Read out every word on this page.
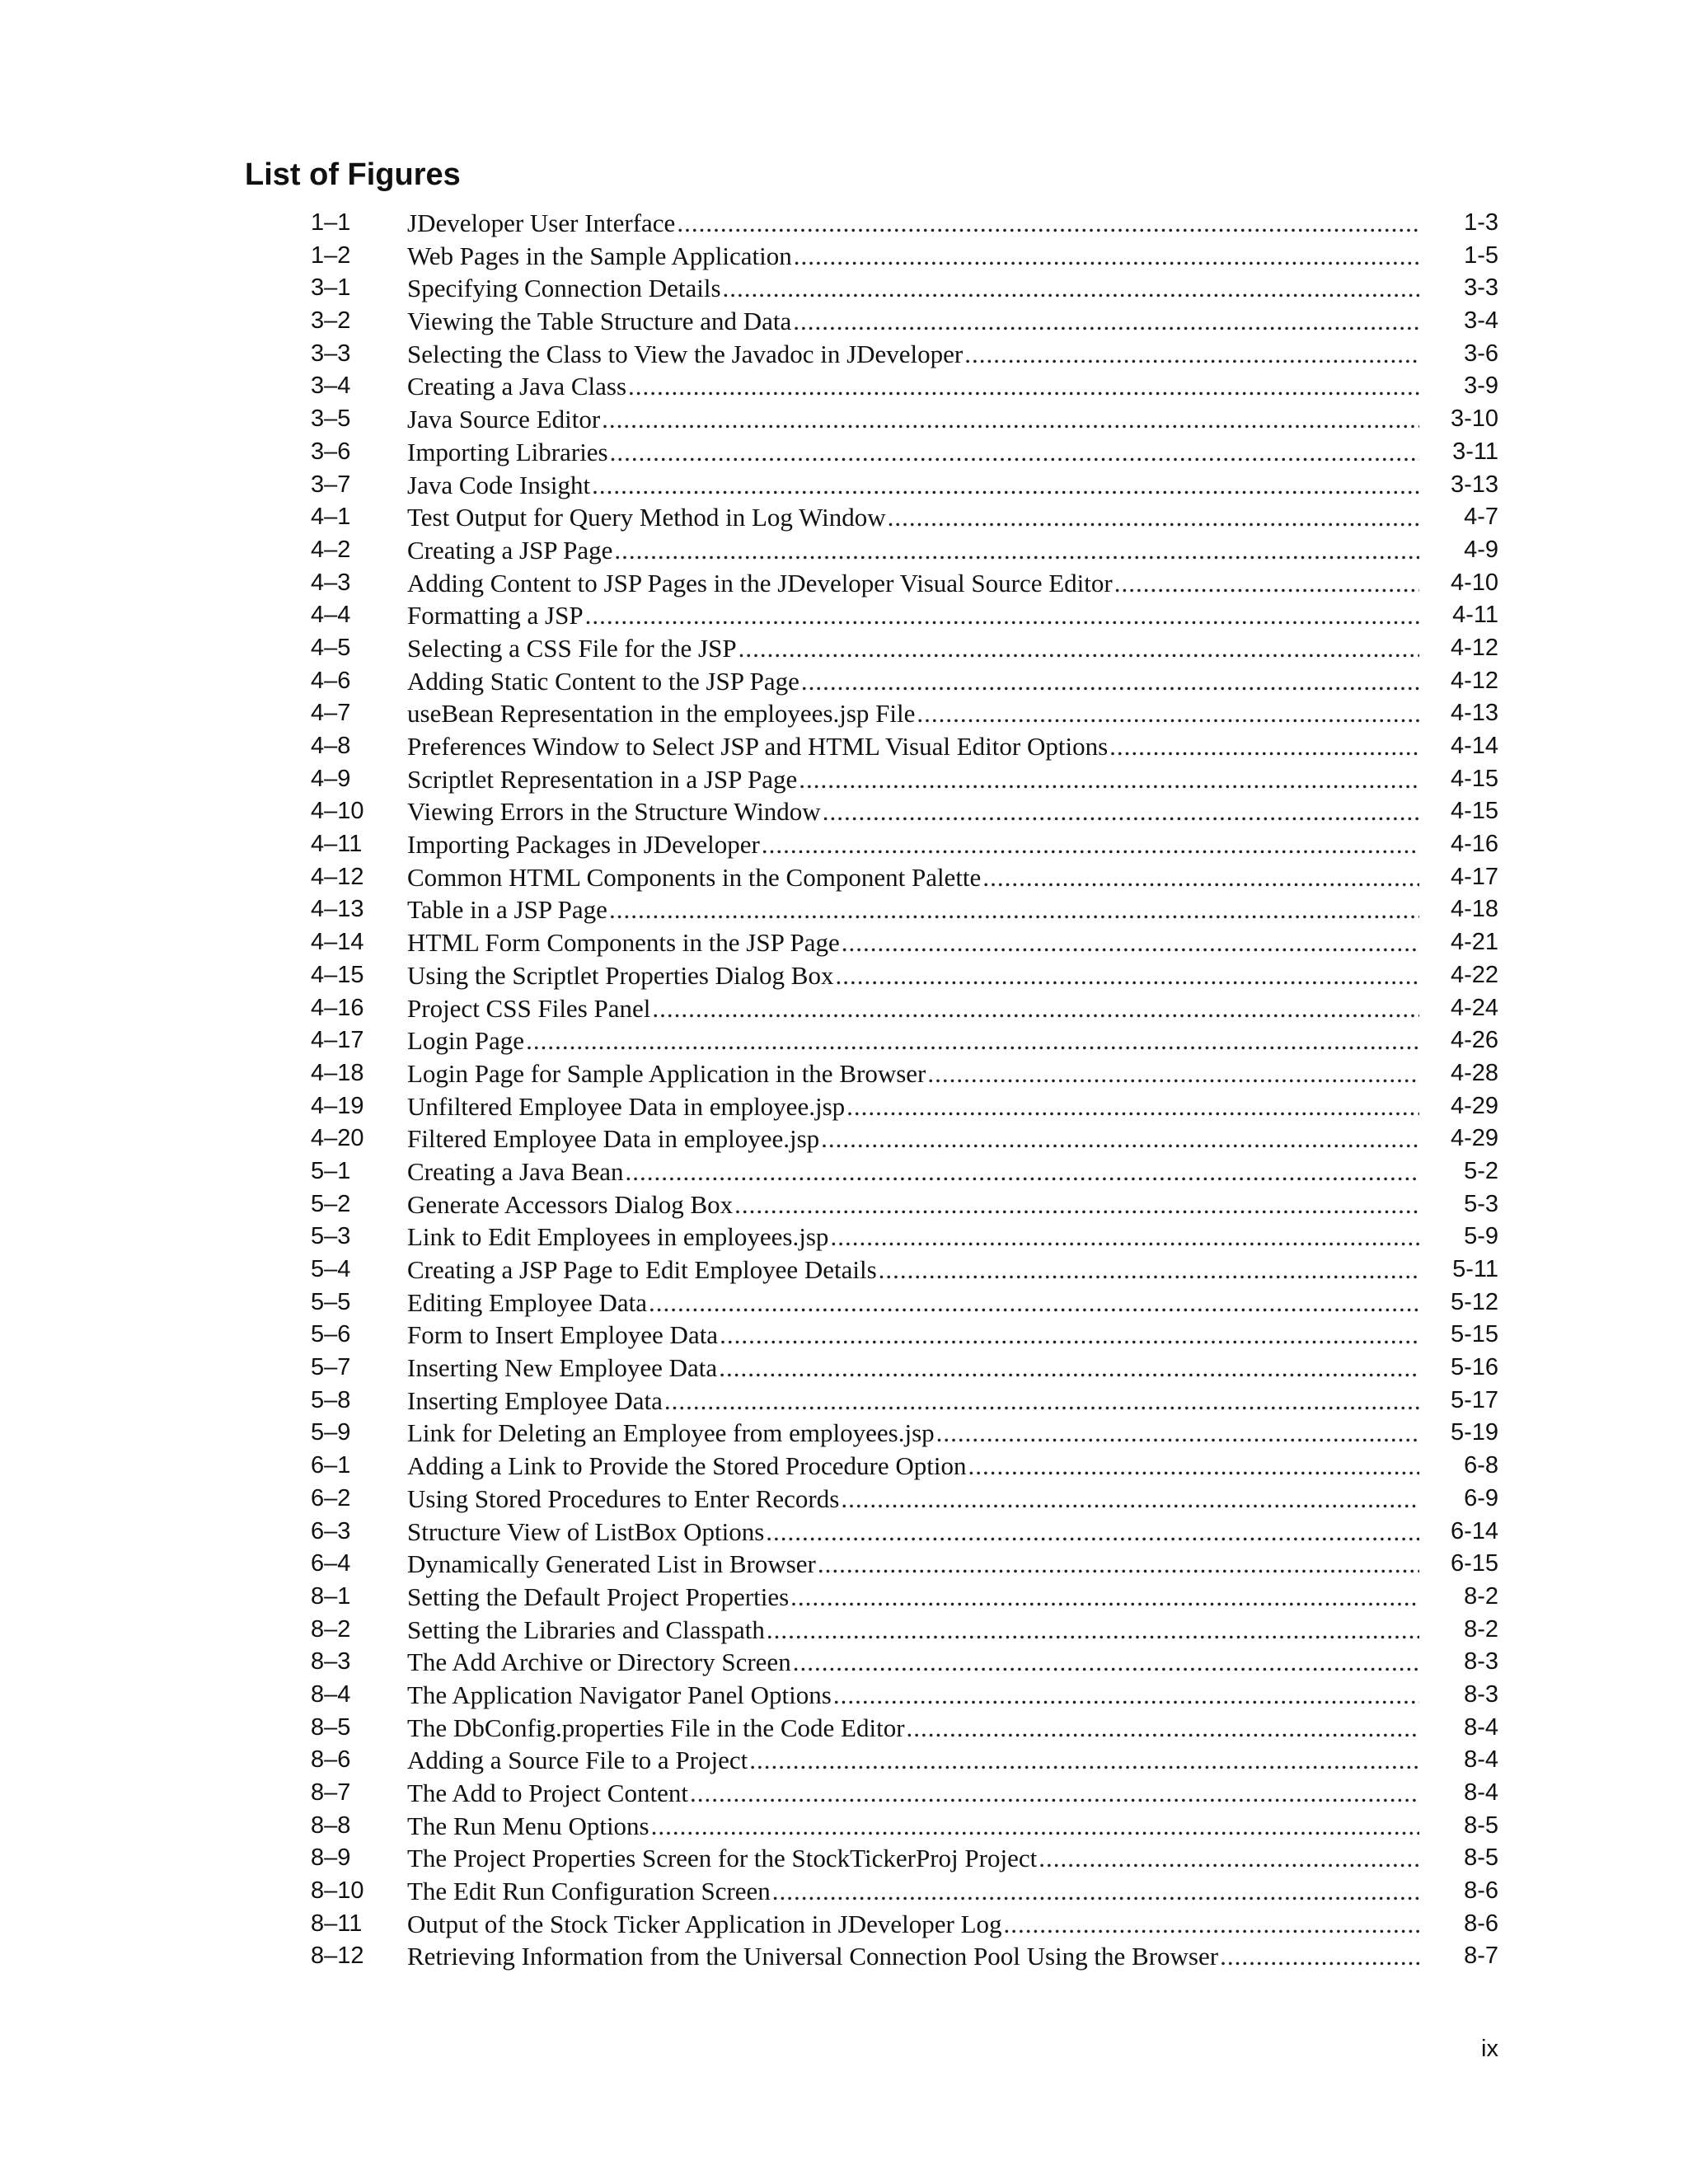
List of Figures
1–1	JDeveloper User Interface .....	1-3
1–2	Web Pages in the Sample Application .....	1-5
3–1	Specifying Connection Details .....	3-3
3–2	Viewing the Table Structure and Data .....	3-4
3–3	Selecting the Class to View the Javadoc in JDeveloper .....	3-6
3–4	Creating a Java Class .....	3-9
3–5	Java Source Editor .....	3-10
3–6	Importing Libraries .....	3-11
3–7	Java Code Insight .....	3-13
4–1	Test Output for Query Method in Log Window .....	4-7
4–2	Creating a JSP Page .....	4-9
4–3	Adding Content to JSP Pages in the JDeveloper Visual Source Editor .....	4-10
4–4	Formatting a JSP .....	4-11
4–5	Selecting a CSS File for the JSP .....	4-12
4–6	Adding Static Content to the JSP Page .....	4-12
4–7	useBean Representation in the employees.jsp File .....	4-13
4–8	Preferences Window to Select JSP and HTML Visual Editor Options .....	4-14
4–9	Scriptlet Representation in a JSP Page .....	4-15
4–10	Viewing Errors in the Structure Window .....	4-15
4–11	Importing Packages in JDeveloper .....	4-16
4–12	Common HTML Components in the Component Palette .....	4-17
4–13	Table in a JSP Page .....	4-18
4–14	HTML Form Components in the JSP Page .....	4-21
4–15	Using the Scriptlet Properties Dialog Box .....	4-22
4–16	Project CSS Files Panel .....	4-24
4–17	Login Page .....	4-26
4–18	Login Page for Sample Application in the Browser .....	4-28
4–19	Unfiltered Employee Data in employee.jsp .....	4-29
4–20	Filtered Employee Data in employee.jsp .....	4-29
5–1	Creating a Java Bean .....	5-2
5–2	Generate Accessors Dialog Box .....	5-3
5–3	Link to Edit Employees in employees.jsp .....	5-9
5–4	Creating a JSP Page to Edit Employee Details .....	5-11
5–5	Editing Employee Data .....	5-12
5–6	Form to Insert Employee Data .....	5-15
5–7	Inserting New Employee Data .....	5-16
5–8	Inserting Employee Data .....	5-17
5–9	Link for Deleting an Employee from employees.jsp .....	5-19
6–1	Adding a Link to Provide the Stored Procedure Option .....	6-8
6–2	Using Stored Procedures to Enter Records .....	6-9
6–3	Structure View of ListBox Options .....	6-14
6–4	Dynamically Generated List in Browser .....	6-15
8–1	Setting the Default Project Properties .....	8-2
8–2	Setting the Libraries and Classpath .....	8-2
8–3	The Add Archive or Directory Screen .....	8-3
8–4	The Application Navigator Panel Options .....	8-3
8–5	The DbConfig.properties File in the Code Editor .....	8-4
8–6	Adding a Source File to a Project .....	8-4
8–7	The Add to Project Content .....	8-4
8–8	The Run Menu Options .....	8-5
8–9	The Project Properties Screen for the StockTickerProj Project .....	8-5
8–10	The Edit Run Configuration Screen .....	8-6
8–11	Output of the Stock Ticker Application in JDeveloper Log .....	8-6
8–12	Retrieving Information from the Universal Connection Pool Using the Browser .....	8-7
ix
